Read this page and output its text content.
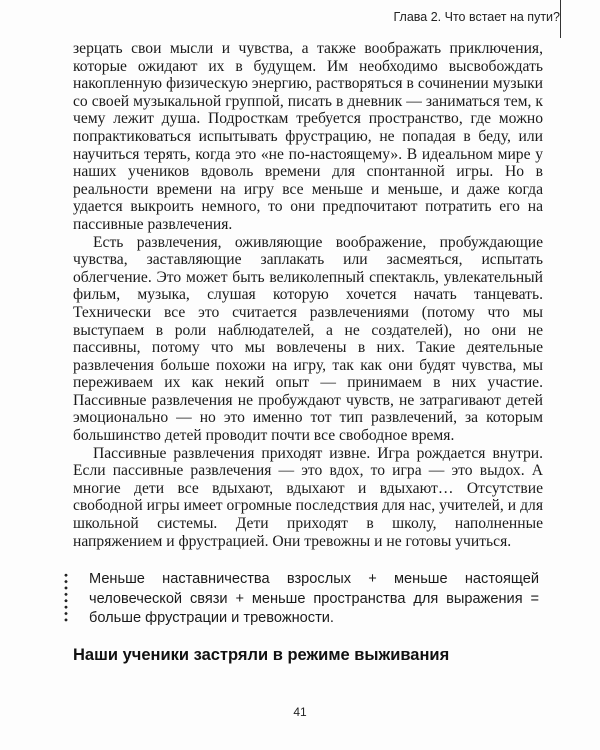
Глава 2. Что встает на пути?

зерцать свои мысли и чувства, а также воображать приключения, которые ожидают их в будущем. Им необходимо высвобождать накопленную физическую энергию, растворяться в сочинении музыки со своей музыкальной группой, писать в дневник — заниматься тем, к чему лежит душа. Подросткам требуется пространство, где можно попрактиковаться испытывать фрустрацию, не попадая в беду, или научиться терять, когда это «не по-настоящему». В идеальном мире у наших учеников вдоволь времени для спонтанной игры. Но в реальности времени на игру все меньше и меньше, и даже когда удается выкроить немного, то они предпочитают потратить его на пассивные развлечения.

Есть развлечения, оживляющие воображение, пробуждающие чувства, заставляющие заплакать или засмеяться, испытать облегчение. Это может быть великолепный спектакль, увлекательный фильм, музыка, слушая которую хочется начать танцевать. Технически все это считается развлечениями (потому что мы выступаем в роли наблюдателей, а не создателей), но они не пассивны, потому что мы вовлечены в них. Такие деятельные развлечения больше похожи на игру, так как они будят чувства, мы переживаем их как некий опыт — принимаем в них участие. Пассивные развлечения не пробуждают чувств, не затрагивают детей эмоционально — но это именно тот тип развлечений, за которым большинство детей проводит почти все свободное время.

Пассивные развлечения приходят извне. Игра рождается внутри. Если пассивные развлечения — это вдох, то игра — это выдох. А многие дети все вдыхают, вдыхают и вдыхают… Отсутствие свободной игры имеет огромные последствия для нас, учителей, и для школьной системы. Дети приходят в школу, наполненные напряжением и фрустрацией. Они тревожны и не готовы учиться.

Меньше наставничества взрослых + меньше настоящей человеческой связи + меньше пространства для выражения = больше фрустрации и тревожности.
Наши ученики застряли в режиме выживания
41
